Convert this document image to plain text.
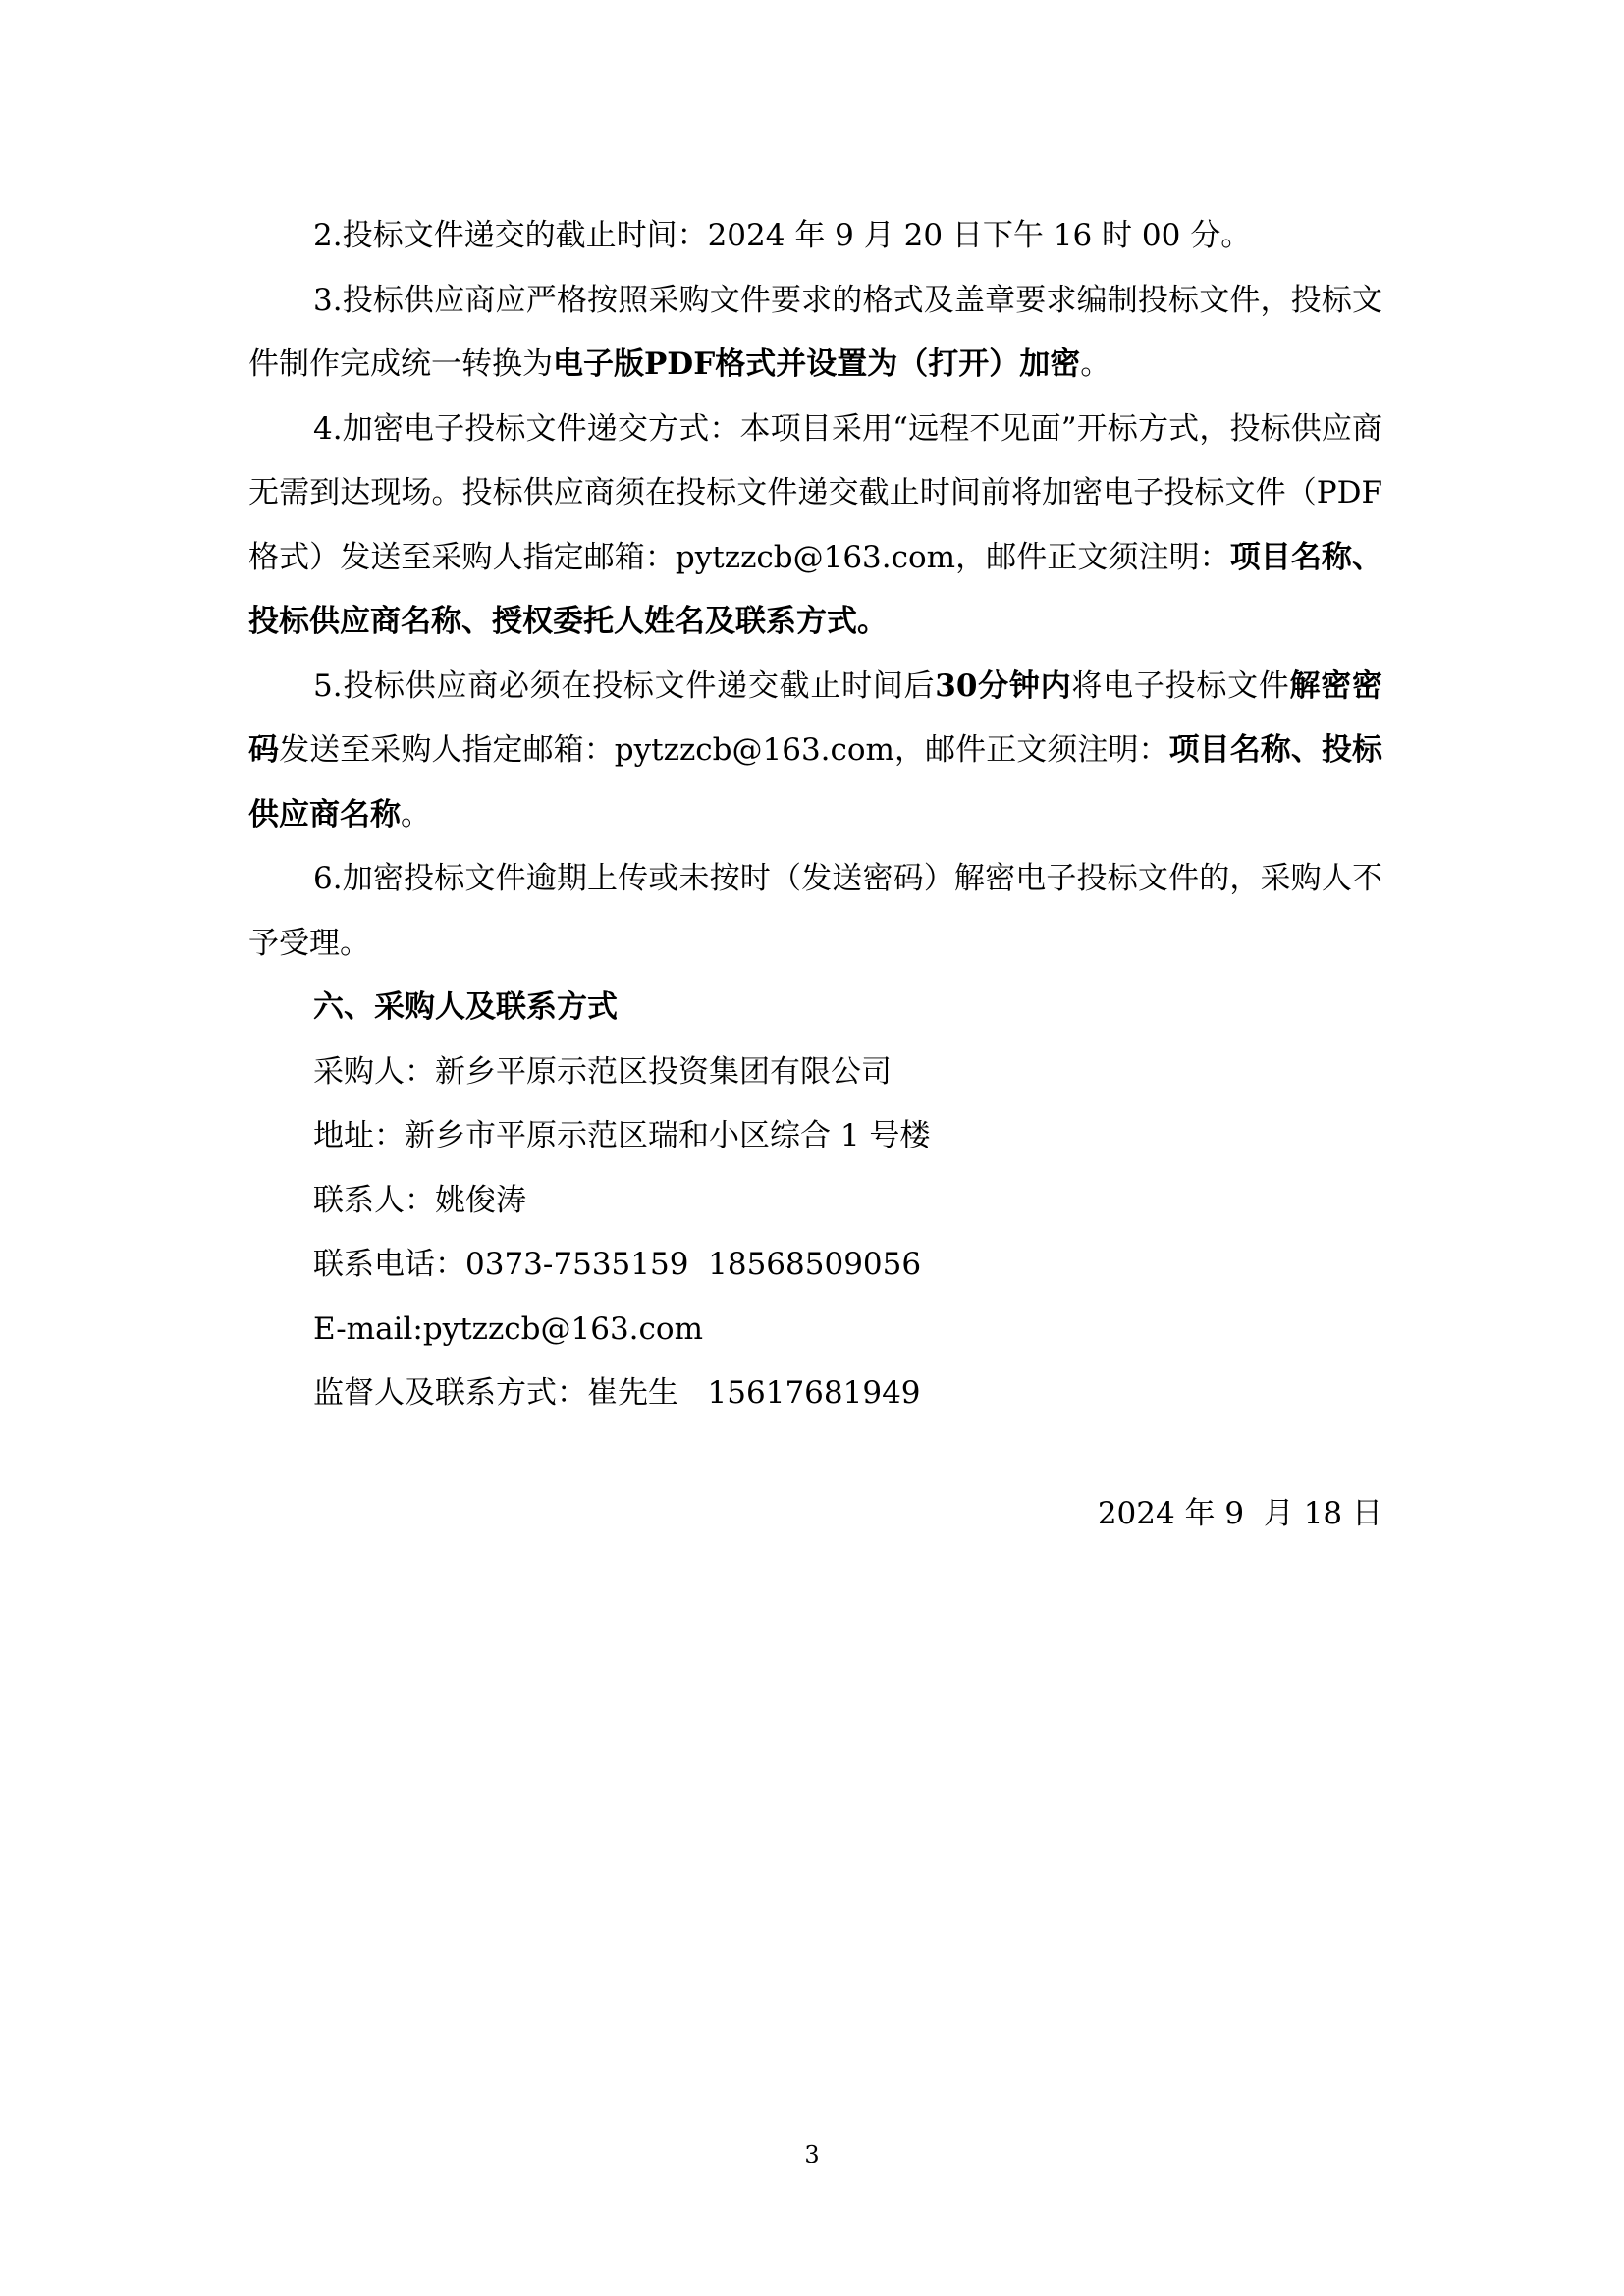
2.投标文件递交的截止时间：2024 年 9 月 20 日下午 16 时 00 分。

3.投标供应商应严格按照采购文件要求的格式及盖章要求编制投标文件，投标文件制作完成统一转换为电子版PDF格式并设置为（打开）加密。

4.加密电子投标文件递交方式：本项目采用“远程不见面”开标方式，投标供应商无需到达现场。投标供应商须在投标文件递交截止时间前将加密电子投标文件（PDF格式）发送至采购人指定邮箱：pytzzcb@163.com，邮件正文须注明：项目名称、投标供应商名称、授权委托人姓名及联系方式。

5.投标供应商必须在投标文件递交截止时间后30分钟内将电子投标文件解密密码发送至采购人指定邮箱：pytzzcb@163.com，邮件正文须注明：项目名称、投标供应商名称。

6.加密投标文件逾期上传或未按时（发送密码）解密电子投标文件的，采购人不予受理。

六、采购人及联系方式

采购人：新乡平原示范区投资集团有限公司

地址：新乡市平原示范区瑞和小区综合 1 号楼

联系人：姚俊涛

联系电话：0373-7535159  18568509056

E-mail:pytzzcb@163.com

监督人及联系方式：崔先生   15617681949

2024 年 9  月 18 日
3
